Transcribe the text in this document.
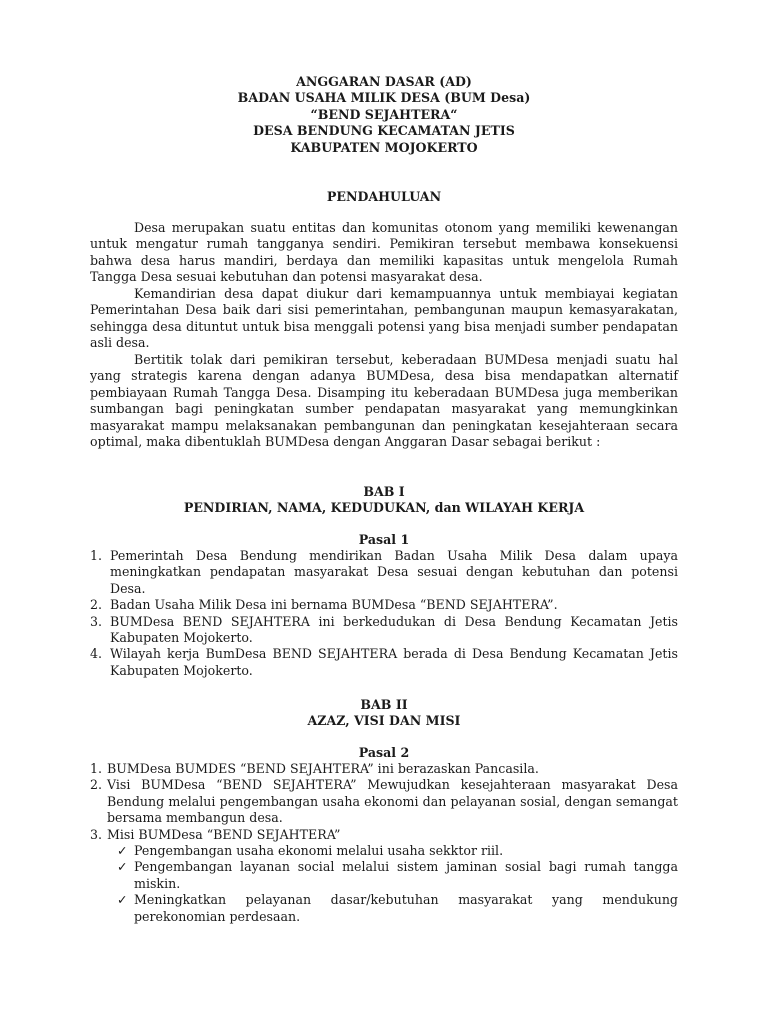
ANGGARAN DASAR (AD)
BADAN USAHA MILIK DESA (BUM Desa)
“BEND SEJAHTERA“
DESA BENDUNG KECAMATAN JETIS
KABUPATEN MOJOKERTO
PENDAHULUAN

Desa merupakan suatu entitas dan komunitas otonom yang memiliki kewenangan untuk mengatur rumah tangganya sendiri. Pemikiran tersebut membawa konsekuensi bahwa desa harus mandiri, berdaya dan memiliki kapasitas untuk mengelola Rumah Tangga Desa sesuai kebutuhan dan potensi masyarakat desa.

Kemandirian desa dapat diukur dari kemampuannya untuk membiayai kegiatan Pemerintahan Desa baik dari sisi pemerintahan, pembangunan maupun kemasyarakatan, sehingga desa dituntut untuk bisa menggali potensi yang bisa menjadi sumber pendapatan asli desa.

Bertitik tolak dari pemikiran tersebut, keberadaan BUMDesa menjadi suatu hal yang strategis karena dengan adanya BUMDesa, desa bisa mendapatkan alternatif pembiayaan Rumah Tangga Desa. Disamping itu keberadaan BUMDesa juga memberikan sumbangan bagi peningkatan sumber pendapatan masyarakat yang memungkinkan masyarakat mampu melaksanakan pembangunan dan peningkatan kesejahteraan secara optimal, maka dibentuklah BUMDesa dengan Anggaran Dasar sebagai berikut :

BAB I
PENDIRIAN, NAMA, KEDUDUKAN, dan WILAYAH KERJA
Pasal 1
1. Pemerintah Desa Bendung mendirikan Badan Usaha Milik Desa dalam upaya meningkatkan pendapatan masyarakat Desa sesuai dengan kebutuhan dan potensi Desa.
2. Badan Usaha Milik Desa ini bernama BUMDesa “BEND SEJAHTERA”.
3. BUMDesa BEND SEJAHTERA ini berkedudukan di Desa Bendung Kecamatan Jetis Kabupaten Mojokerto.
4. Wilayah kerja BumDesa BEND SEJAHTERA berada di Desa Bendung Kecamatan Jetis Kabupaten Mojokerto.
BAB II
AZAZ, VISI DAN MISI
Pasal 2
1. BUMDesa BUMDES “BEND SEJAHTERA” ini berazaskan Pancasila.
2. Visi BUMDesa “BEND SEJAHTERA” Mewujudkan kesejahteraan masyarakat Desa Bendung melalui pengembangan usaha ekonomi dan pelayanan sosial, dengan semangat bersama membangun desa.
3. Misi BUMDesa “BEND SEJAHTERA”
✓ Pengembangan usaha ekonomi melalui usaha sekktor riil.
✓ Pengembangan layanan social melalui sistem jaminan sosial bagi rumah tangga miskin.
✓ Meningkatkan pelayanan dasar/kebutuhan masyarakat yang mendukung perekonomian perdesaan.
